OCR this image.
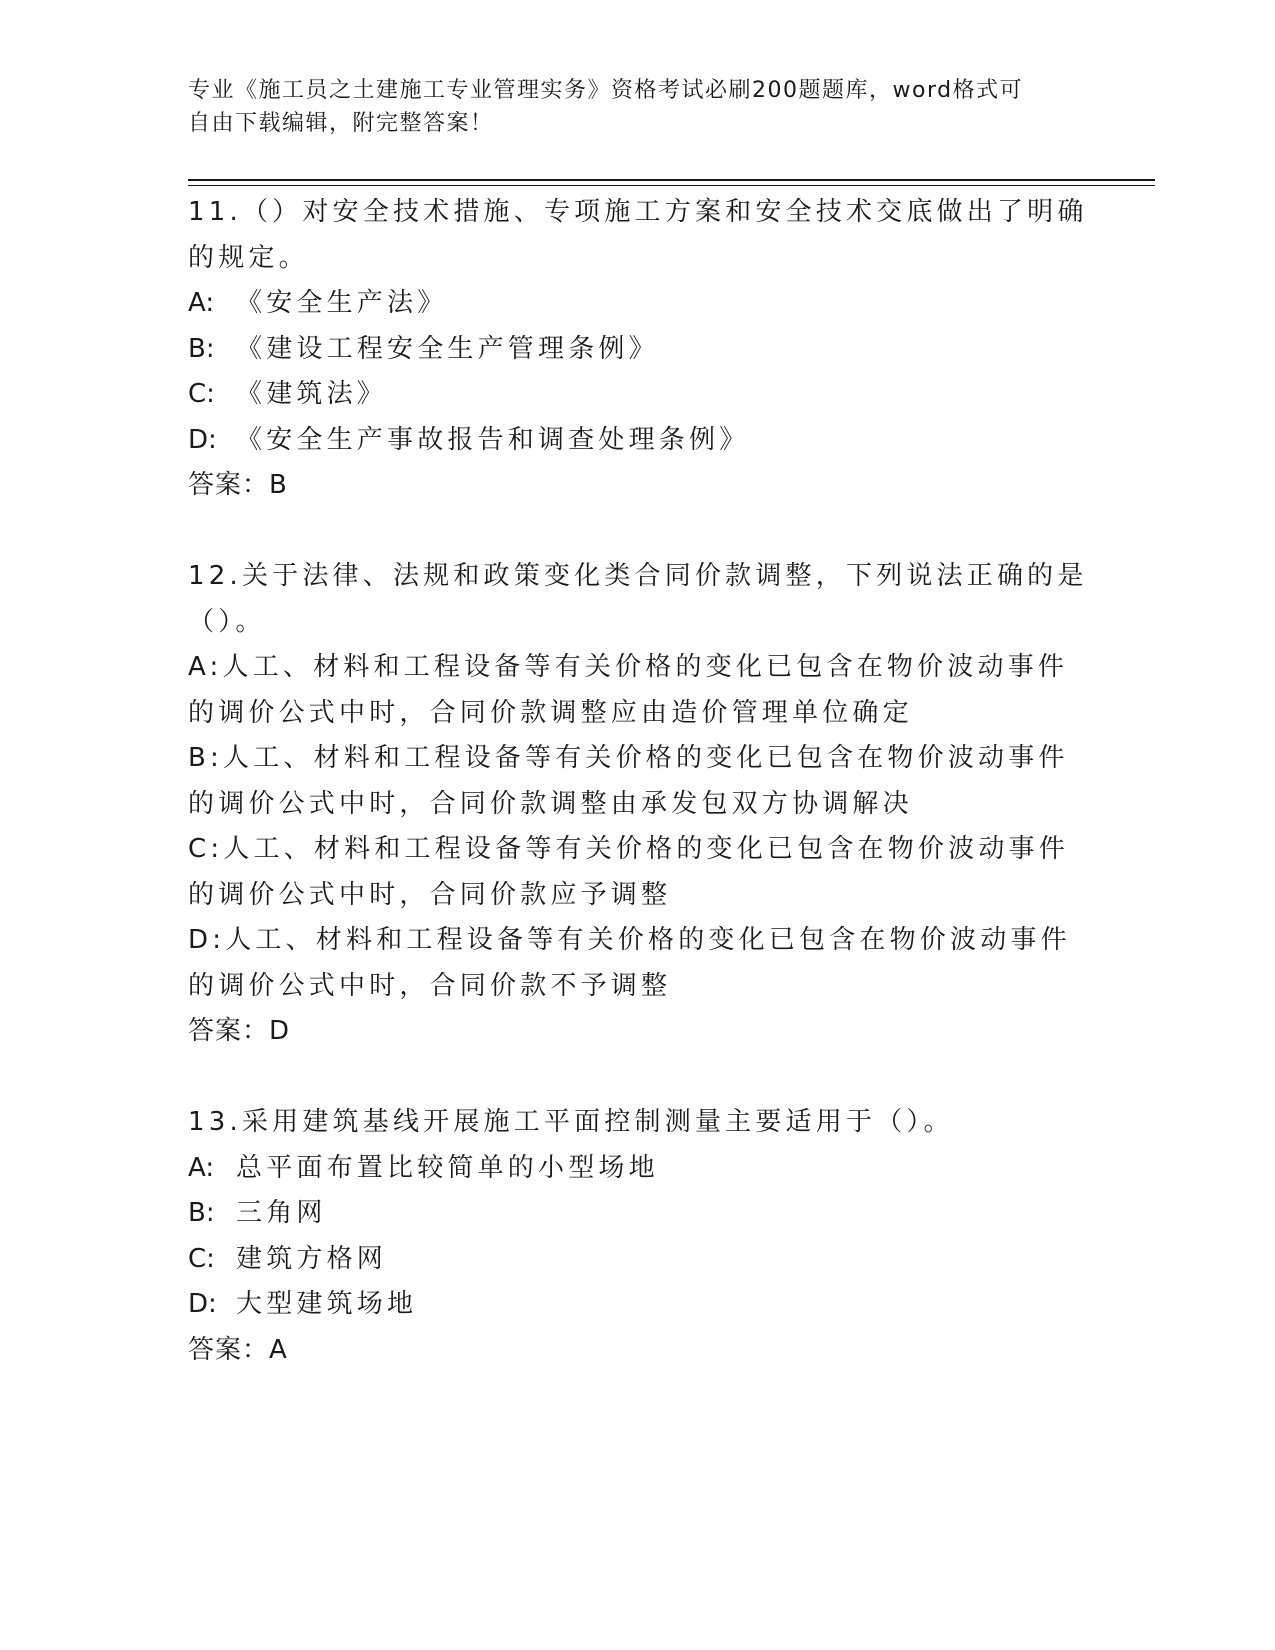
专业《施工员之土建施工专业管理实务》资格考试必刷200题题库，word格式可
自由下载编辑，附完整答案！

11.（）对安全技术措施、专项施工方案和安全技术交底做出了明确的规定。

A: 《安全生产法》

B: 《建设工程安全生产管理条例》

C: 《建筑法》

D: 《安全生产事故报告和调查处理条例》

答案：B

12.关于法律、法规和政策变化类合同价款调整，下列说法正确的是（）。

A:人工、材料和工程设备等有关价格的变化已包含在物价波动事件的调价公式中时，合同价款调整应由造价管理单位确定

B:人工、材料和工程设备等有关价格的变化已包含在物价波动事件的调价公式中时，合同价款调整由承发包双方协调解决

C:人工、材料和工程设备等有关价格的变化已包含在物价波动事件的调价公式中时，合同价款应予调整

D:人工、材料和工程设备等有关价格的变化已包含在物价波动事件的调价公式中时，合同价款不予调整

答案：D

13.采用建筑基线开展施工平面控制测量主要适用于（）。

A: 总平面布置比较简单的小型场地

B: 三角网

C: 建筑方格网

D: 大型建筑场地

答案：A
